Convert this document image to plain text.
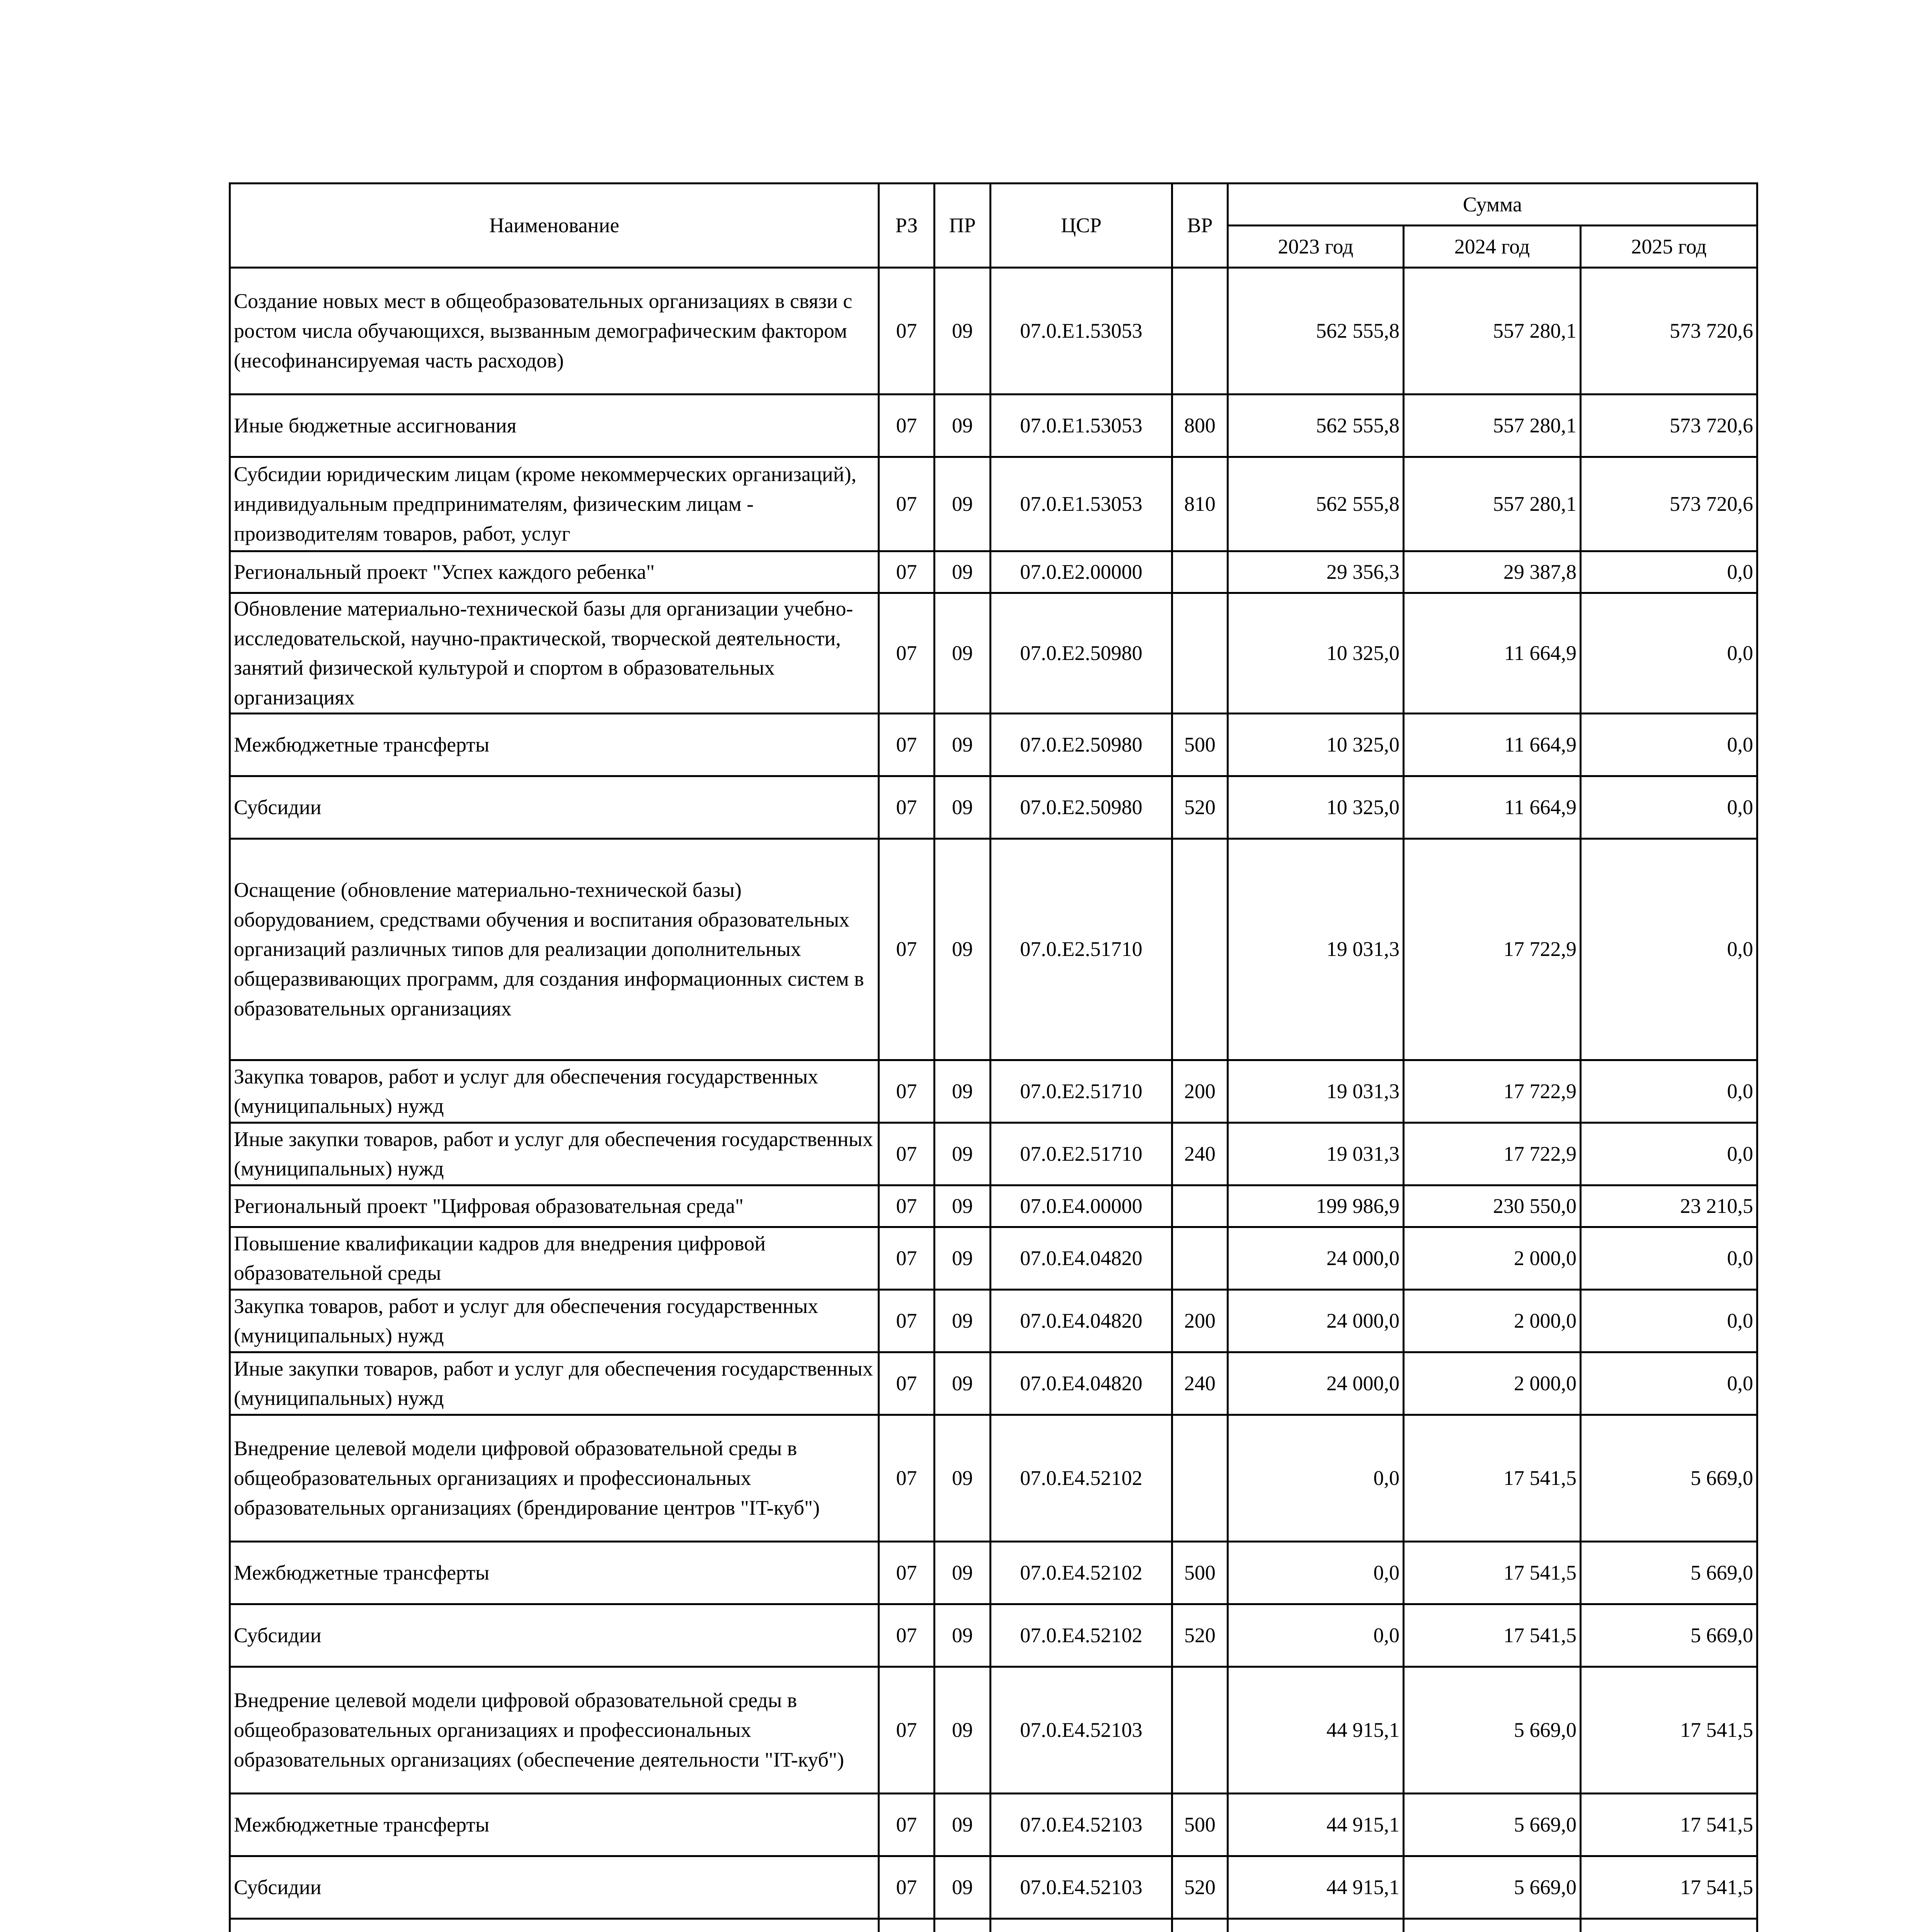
Наименование	РЗ	ПР	ЦСР	ВР	Сумма		
					2023 год	2024 год	2025 год
Создание новых мест в общеобразовательных организациях в связи с ростом числа обучающихся, вызванным демографическим фактором (несофинансируемая часть расходов)	07	09	07.0.E1.53053		562 555,8	557 280,1	573 720,6
Иные бюджетные ассигнования	07	09	07.0.E1.53053	800	562 555,8	557 280,1	573 720,6
Субсидии юридическим лицам (кроме некоммерческих организаций), индивидуальным предпринимателям, физическим лицам - производителям товаров, работ, услуг	07	09	07.0.E1.53053	810	562 555,8	557 280,1	573 720,6
Региональный проект "Успех каждого ребенка"	07	09	07.0.E2.00000		29 356,3	29 387,8	0,0
Обновление материально-технической базы для организации учебно-исследовательской, научно-практической, творческой деятельности, занятий физической культурой и спортом в образовательных организациях	07	09	07.0.E2.50980		10 325,0	11 664,9	0,0
Межбюджетные трансферты	07	09	07.0.E2.50980	500	10 325,0	11 664,9	0,0
Субсидии	07	09	07.0.E2.50980	520	10 325,0	11 664,9	0,0
Оснащение (обновление материально-технической базы) оборудованием, средствами обучения и воспитания образовательных организаций различных типов для реализации дополнительных общеразвивающих программ, для создания информационных систем в образовательных организациях	07	09	07.0.E2.51710		19 031,3	17 722,9	0,0
Закупка товаров, работ и услуг для обеспечения государственных (муниципальных) нужд	07	09	07.0.E2.51710	200	19 031,3	17 722,9	0,0
Иные закупки товаров, работ и услуг для обеспечения государственных (муниципальных) нужд	07	09	07.0.E2.51710	240	19 031,3	17 722,9	0,0
Региональный проект "Цифровая образовательная среда"	07	09	07.0.E4.00000		199 986,9	230 550,0	23 210,5
Повышение квалификации кадров для внедрения цифровой образовательной среды	07	09	07.0.E4.04820		24 000,0	2 000,0	0,0
Закупка товаров, работ и услуг для обеспечения государственных (муниципальных) нужд	07	09	07.0.E4.04820	200	24 000,0	2 000,0	0,0
Иные закупки товаров, работ и услуг для обеспечения государственных (муниципальных) нужд	07	09	07.0.E4.04820	240	24 000,0	2 000,0	0,0
Внедрение целевой модели цифровой образовательной среды в общеобразовательных организациях и профессиональных образовательных организациях (брендирование центров "IT-куб")	07	09	07.0.E4.52102		0,0	17 541,5	5 669,0
Межбюджетные трансферты	07	09	07.0.E4.52102	500	0,0	17 541,5	5 669,0
Субсидии	07	09	07.0.E4.52102	520	0,0	17 541,5	5 669,0
Внедрение целевой модели цифровой образовательной среды в общеобразовательных организациях и профессиональных образовательных организациях (обеспечение деятельности "IT-куб")	07	09	07.0.E4.52103		44 915,1	5 669,0	17 541,5
Межбюджетные трансферты	07	09	07.0.E4.52103	500	44 915,1	5 669,0	17 541,5
Субсидии	07	09	07.0.E4.52103	520	44 915,1	5 669,0	17 541,5
